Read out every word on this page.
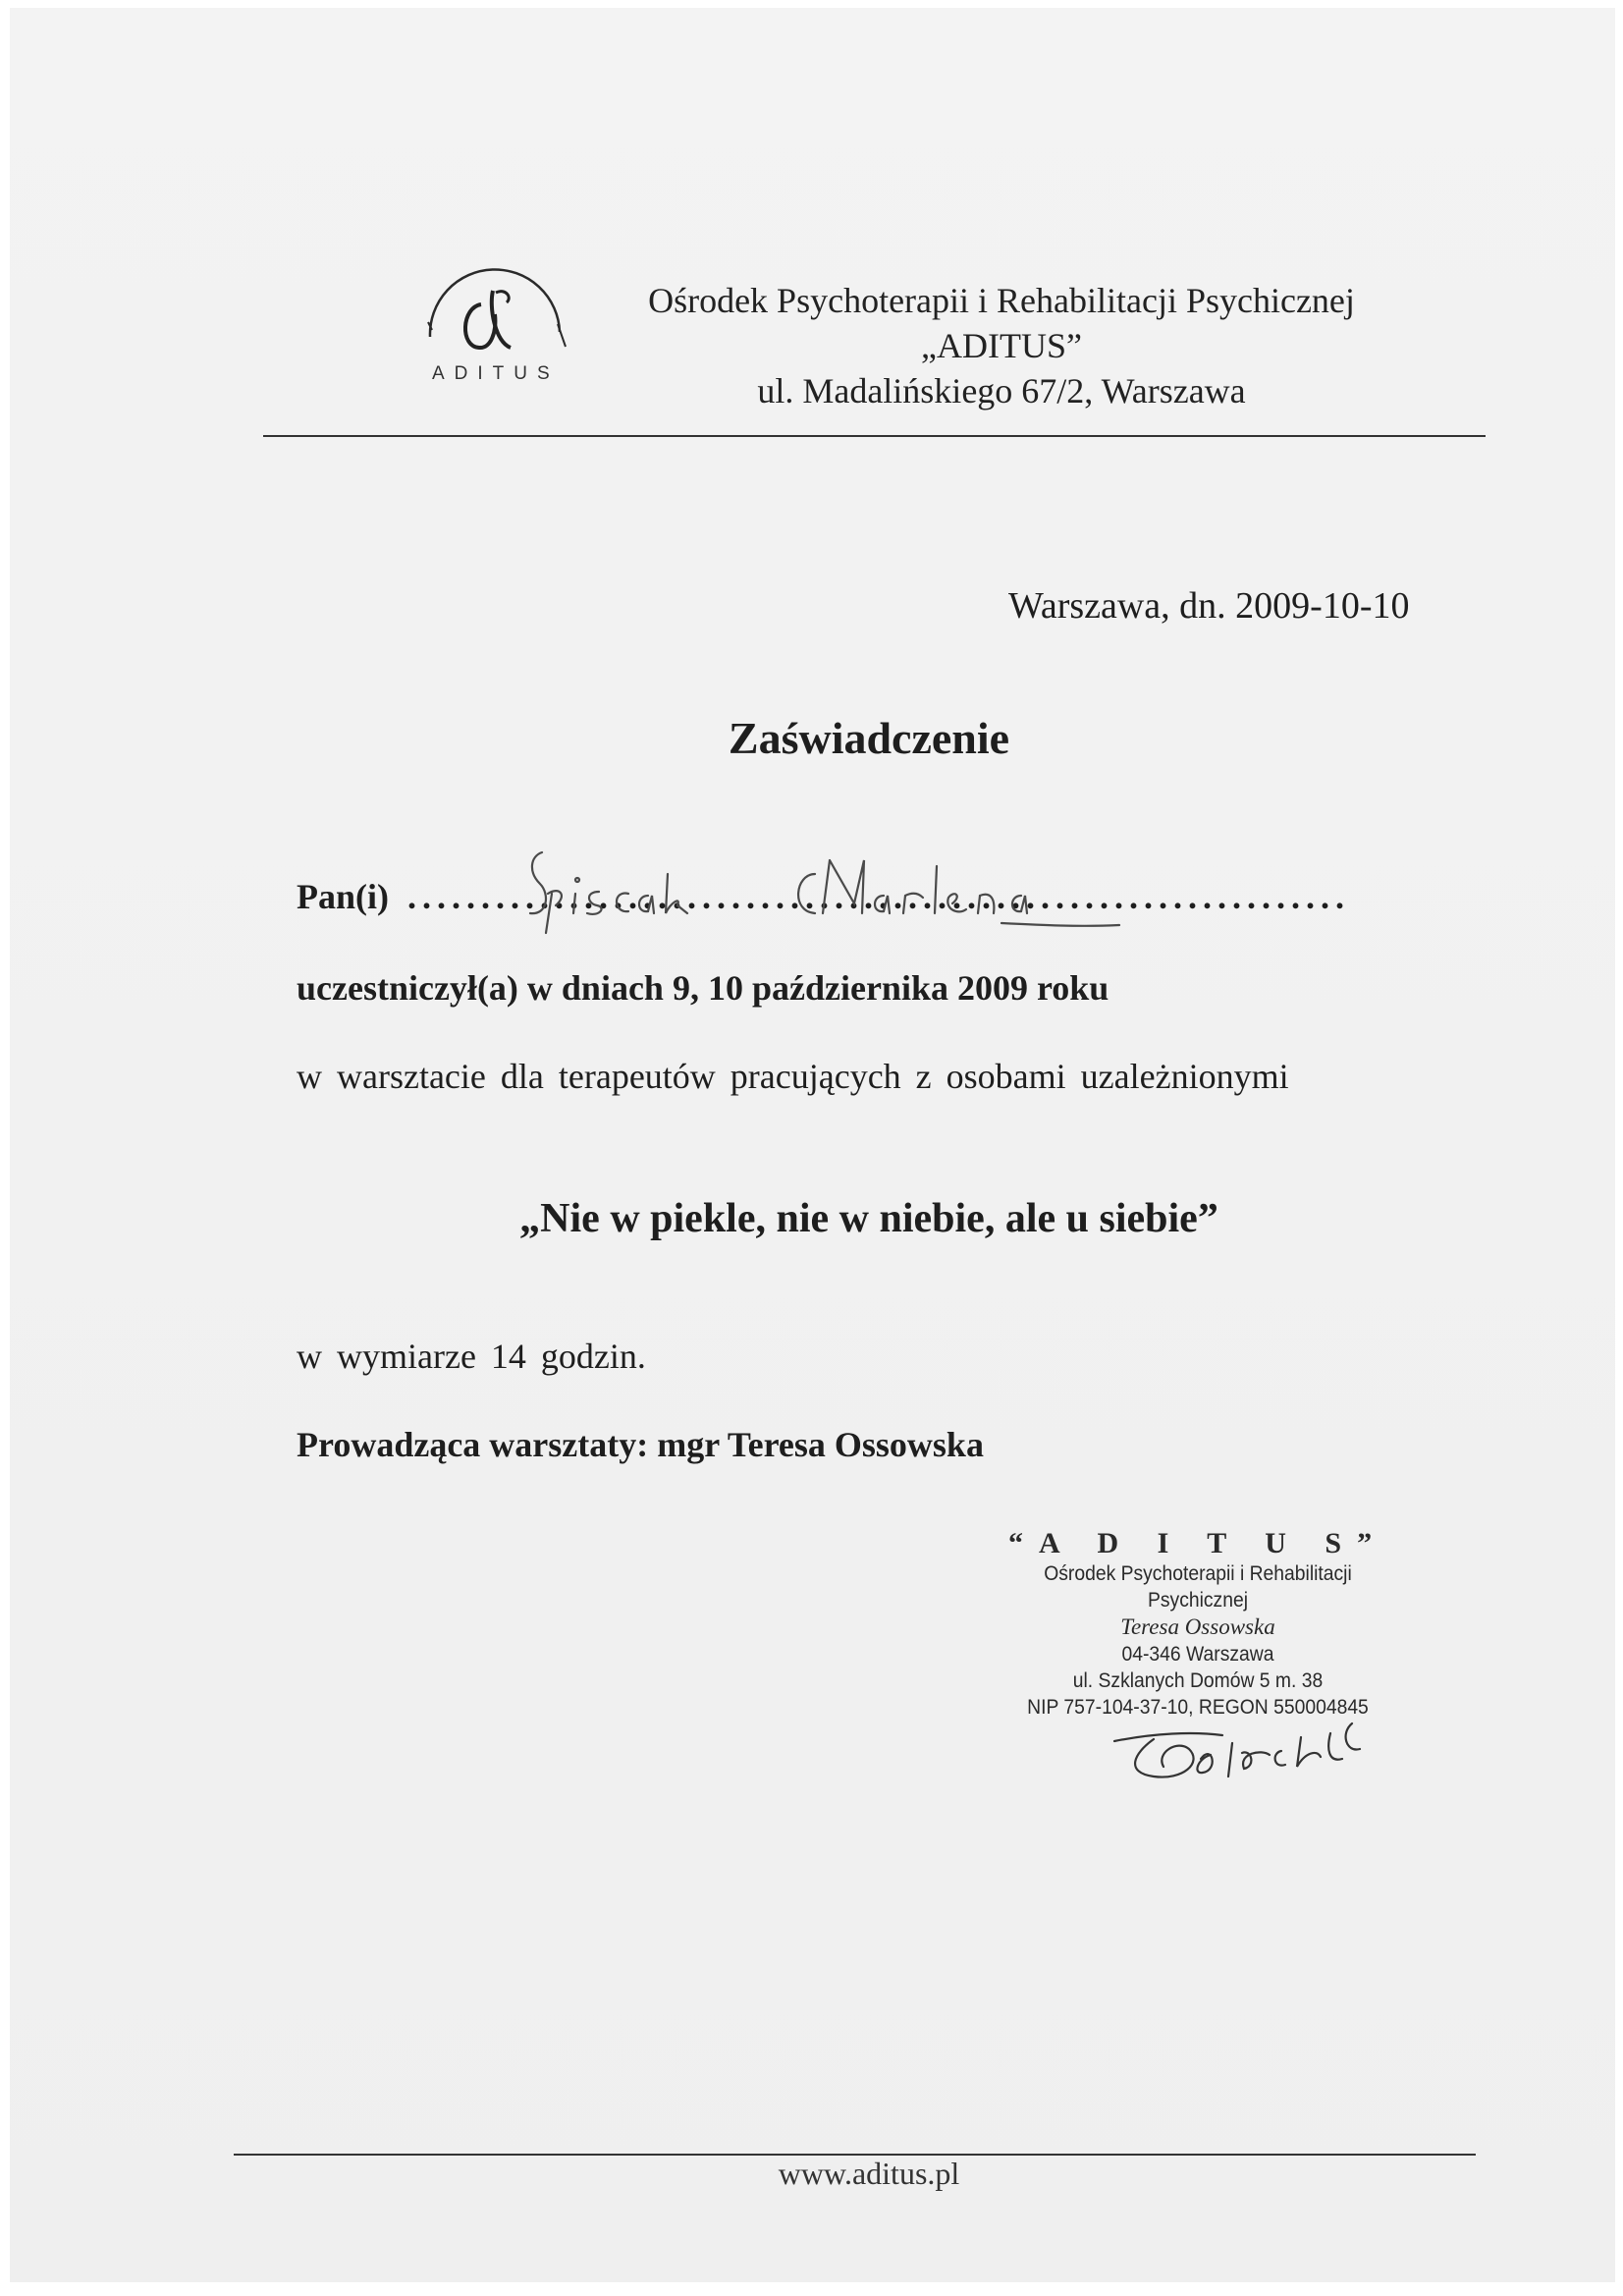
ADITUS
Ośrodek Psychoterapii i Rehabilitacji Psychicznej
„ADITUS”
ul. Madalińskiego 67/2, Warszawa
Warszawa, dn. 2009-10-10
Zaświadczenie
Pan(i) ................................................................
uczestniczył(a) w dniach 9, 10 października 2009 roku
w warsztacie dla terapeutów pracujących z osobami uzależnionymi
„Nie w piekle, nie w niebie, ale u siebie”
w wymiarze 14 godzin.
Prowadząca warsztaty: mgr Teresa Ossowska
“A D I T U S”
Ośrodek Psychoterapii i Rehabilitacji Psychicznej
Teresa Ossowska
04-346 Warszawa
ul. Szklanych Domów 5 m. 38
NIP 757-104-37-10, REGON 550004845
www.aditus.pl
